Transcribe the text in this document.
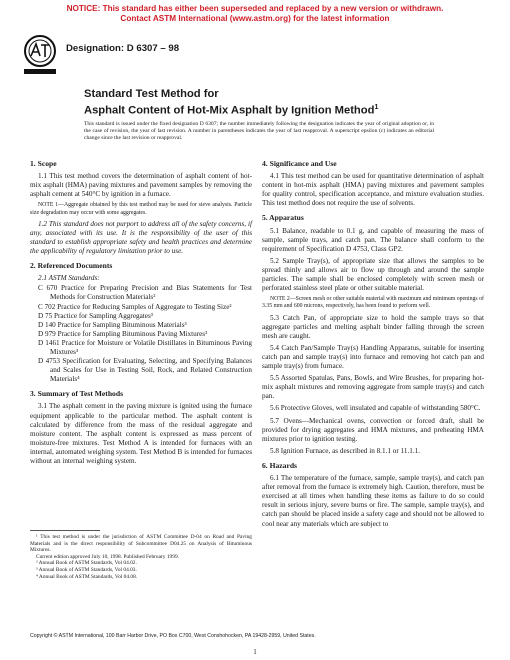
NOTICE: This standard has either been superseded and replaced by a new version or withdrawn.
Contact ASTM International (www.astm.org) for the latest information
Designation: D 6307 – 98
Standard Test Method for
Asphalt Content of Hot-Mix Asphalt by Ignition Method$^1$
This standard is issued under the fixed designation D 6307; the number immediately following the designation indicates the year of original adoption or, in the case of revision, the year of last revision. A number in parentheses indicates the year of last reapproval. A superscript epsilon (ε) indicates an editorial change since the last revision or reapproval.
1. Scope

1.1 This test method covers the determination of asphalt content of hot-mix asphalt (HMA) paving mixtures and pavement samples by removing the asphalt cement at 540°C by ignition in a furnace.

NOTE 1—Aggregate obtained by this test method may be used for sieve analysis. Particle size degradation may occur with some aggregates.

1.2 This standard does not purport to address all of the safety concerns, if any, associated with its use. It is the responsibility of the user of this standard to establish appropriate safety and health practices and determine the applicability of regulatory limitation prior to use.

2. Referenced Documents
2.1 ASTM Standards:

C 670 Practice for Preparing Precision and Bias Statements for Test Methods for Construction Materials²

C 702 Practice for Reducing Samples of Aggregate to Testing Size²

D 75 Practice for Sampling Aggregates³

D 140 Practice for Sampling Bituminous Materials³

D 979 Practice for Sampling Bituminous Paving Mixtures³

D 1461 Practice for Moisture or Volatile Distillates in Bituminous Paving Mixtures³

D 4753 Specification for Evaluating, Selecting, and Specifying Balances and Scales for Use in Testing Soil, Rock, and Related Construction Materials⁴

3. Summary of Test Methods

3.1 The asphalt cement in the paving mixture is ignited using the furnace equipment applicable to the particular method. The asphalt content is calculated by difference from the mass of the residual aggregate and moisture content. The asphalt content is expressed as mass percent of moisture-free mixtures. Test Method A is intended for furnaces with an internal, automated weighing system. Test Method B is intended for furnaces without an internal weighing system.

¹ This test method is under the jurisdiction of ASTM Committee D-04 on Road and Paving Materials and is the direct responsibility of Subcommittee D04.25 on Analysis of Bituminous Mixtures.

Current edition approved July 10, 1998. Published February 1999.

² Annual Book of ASTM Standards, Vol 04.02.

³ Annual Book of ASTM Standards, Vol 04.03.

⁴ Annual Book of ASTM Standards, Vol 04.08.

4. Significance and Use

4.1 This test method can be used for quantitative determination of asphalt content in hot-mix asphalt (HMA) paving mixtures and pavement samples for quality control, specification acceptance, and mixture evaluation studies. This test method does not require the use of solvents.

5. Apparatus

5.1 Balance, readable to 0.1 g, and capable of measuring the mass of sample, sample trays, and catch pan. The balance shall conform to the requirement of Specification D 4753, Class GP2.

5.2 Sample Tray(s), of appropriate size that allows the samples to be spread thinly and allows air to flow up through and around the sample particles. The sample shall be enclosed completely with screen mesh or perforated stainless steel plate or other suitable material.

NOTE 2—Screen mesh or other suitable material with maximum and minimum openings of 3.35 mm and 600 microns, respectively, has been found to perform well.

5.3 Catch Pan, of appropriate size to hold the sample trays so that aggregate particles and melting asphalt binder falling through the screen mesh are caught.

5.4 Catch Pan/Sample Tray(s) Handling Apparatus, suitable for inserting catch pan and sample tray(s) into furnace and removing hot catch pan and sample tray(s) from furnace.

5.5 Assorted Spatulas, Pans, Bowls, and Wire Brushes, for preparing hot-mix asphalt mixtures and removing aggregate from sample tray(s) and catch pan.

5.6 Protective Gloves, well insulated and capable of withstanding 580°C.

5.7 Ovens—Mechanical ovens, convection or forced draft, shall be provided for drying aggregates and HMA mixtures, and preheating HMA mixtures prior to ignition testing.

5.8 Ignition Furnace, as described in 8.1.1 or 11.1.1.

6. Hazards

6.1 The temperature of the furnace, sample, sample tray(s), and catch pan after removal from the furnace is extremely high. Caution, therefore, must be exercised at all times when handling these items as failure to do so could result in serious injury, severe burns or fire. The sample, sample tray(s), and catch pan should be placed inside a safety cage and should not be allowed to cool near any materials which are subject to

Copyright © ASTM International, 100 Barr Harbor Drive, PO Box C700, West Conshohocken, PA 19428-2959, United States.
1
